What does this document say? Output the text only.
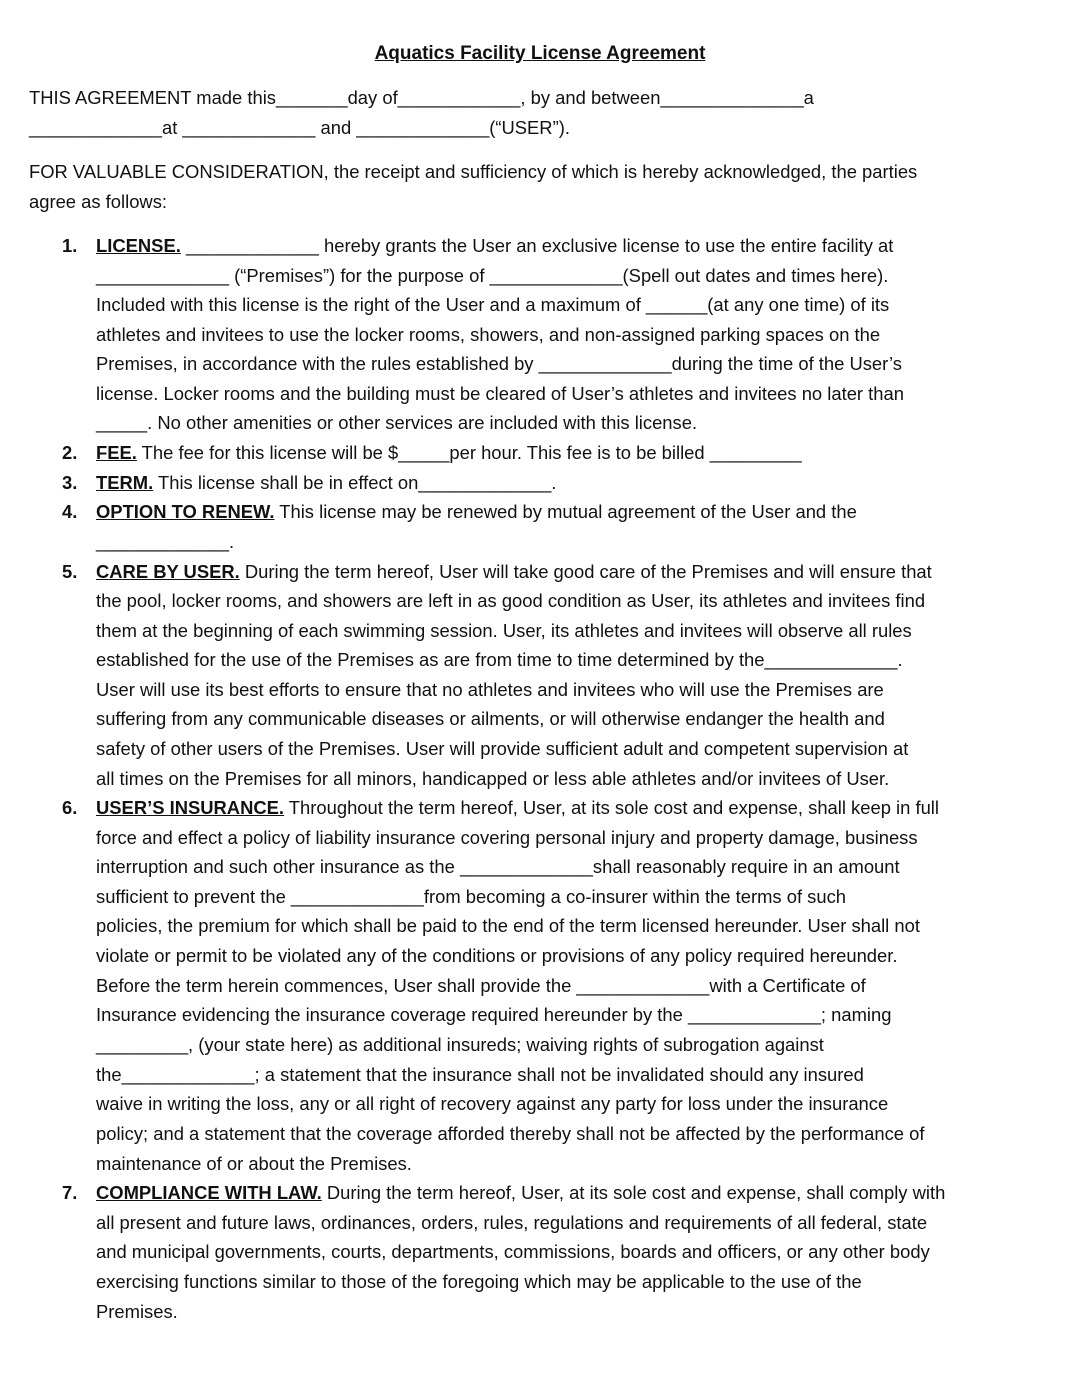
Aquatics Facility License Agreement
THIS AGREEMENT made this_______day of____________, by and between______________a
_____________at _____________ and _____________(“USER”).
FOR VALUABLE CONSIDERATION, the receipt and sufficiency of which is hereby acknowledged, the parties
agree as follows:
1. LICENSE. _____________ hereby grants the User an exclusive license to use the entire facility at
_____________ (“Premises”) for the purpose of _____________(Spell out dates and times here).
Included with this license is the right of the User and a maximum of ______(at any one time) of its
athletes and invitees to use the locker rooms, showers, and non-assigned parking spaces on the
Premises, in accordance with the rules established by _____________during the time of the User’s
license. Locker rooms and the building must be cleared of User’s athletes and invitees no later than
_____. No other amenities or other services are included with this license.
2. FEE. The fee for this license will be $_____per hour. This fee is to be billed _________
3. TERM. This license shall be in effect on_____________.
4. OPTION TO RENEW. This license may be renewed by mutual agreement of the User and the
_____________.
5. CARE BY USER. During the term hereof, User will take good care of the Premises and will ensure that
the pool, locker rooms, and showers are left in as good condition as User, its athletes and invitees find
them at the beginning of each swimming session. User, its athletes and invitees will observe all rules
established for the use of the Premises as are from time to time determined by the_____________.
User will use its best efforts to ensure that no athletes and invitees who will use the Premises are
suffering from any communicable diseases or ailments, or will otherwise endanger the health and
safety of other users of the Premises. User will provide sufficient adult and competent supervision at
all times on the Premises for all minors, handicapped or less able athletes and/or invitees of User.
6. USER’S INSURANCE. Throughout the term hereof, User, at its sole cost and expense, shall keep in full
force and effect a policy of liability insurance covering personal injury and property damage, business
interruption and such other insurance as the _____________shall reasonably require in an amount
sufficient to prevent the _____________from becoming a co-insurer within the terms of such
policies, the premium for which shall be paid to the end of the term licensed hereunder. User shall not
violate or permit to be violated any of the conditions or provisions of any policy required hereunder.
Before the term herein commences, User shall provide the _____________with a Certificate of
Insurance evidencing the insurance coverage required hereunder by the _____________; naming
_________, (your state here) as additional insureds; waiving rights of subrogation against
the_____________; a statement that the insurance shall not be invalidated should any insured
waive in writing the loss, any or all right of recovery against any party for loss under the insurance
policy; and a statement that the coverage afforded thereby shall not be affected by the performance of
maintenance of or about the Premises.
7. COMPLIANCE WITH LAW. During the term hereof, User, at its sole cost and expense, shall comply with
all present and future laws, ordinances, orders, rules, regulations and requirements of all federal, state
and municipal governments, courts, departments, commissions, boards and officers, or any other body
exercising functions similar to those of the foregoing which may be applicable to the use of the
Premises.
